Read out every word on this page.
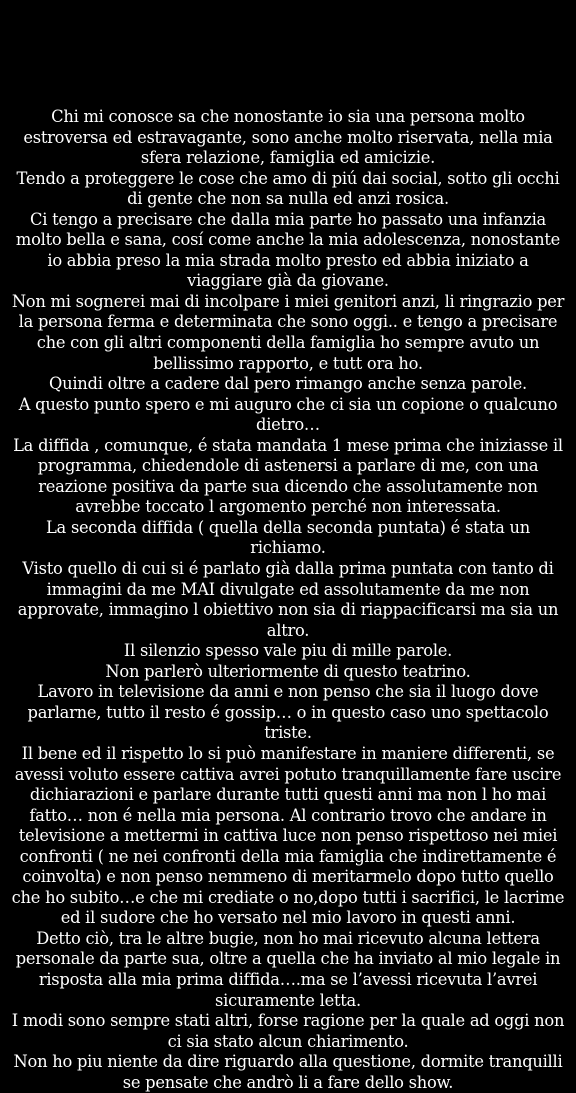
Chi mi conosce sa che nonostante io sia una persona molto estroversa ed estravagante, sono anche molto riservata, nella mia sfera relazione, famiglia ed amicizie.

Tendo a proteggere le cose che amo di piú dai social, sotto gli occhi di gente che non sa nulla ed anzi rosica.

Ci tengo a precisare che dalla mia parte ho passato una infanzia molto bella e sana, cosí come anche la mia adolescenza, nonostante io abbia preso la mia strada molto presto ed abbia iniziato a viaggiare già da giovane.

Non mi sognerei mai di incolpare i miei genitori anzi, li ringrazio per la persona ferma e determinata che sono oggi.. e tengo a precisare che con gli altri componenti della famiglia ho sempre avuto un bellissimo rapporto, e tutt ora ho.

Quindi oltre a cadere dal pero rimango anche senza parole.

A questo punto spero e mi auguro che ci sia un copione o qualcuno dietro…

La diffida , comunque, é stata mandata 1 mese prima che iniziasse il programma, chiedendole di astenersi a parlare di me, con una reazione positiva da parte sua dicendo che assolutamente non avrebbe toccato l argomento perché non interessata.

La seconda diffida ( quella della seconda puntata) é stata un richiamo.

Visto quello di cui si é parlato già dalla prima puntata con tanto di immagini da me MAI divulgate ed assolutamente da me non approvate, immagino l obiettivo non sia di riappacificarsi ma sia un altro.

Il silenzio spesso vale piu di mille parole.

Non parlerò ulteriormente di questo teatrino.

Lavoro in televisione da anni e non penso che sia il luogo dove parlarne, tutto il resto é gossip… o in questo caso uno spettacolo triste.

Il bene ed il rispetto lo si può manifestare in maniere differenti, se avessi voluto essere cattiva avrei potuto tranquillamente fare uscire dichiarazioni e parlare durante tutti questi anni ma non l ho mai fatto… non é nella mia persona. Al contrario trovo che andare in televisione a mettermi in cattiva luce non penso rispettoso nei miei confronti ( ne nei confronti della mia famiglia che indirettamente é coinvolta) e non penso nemmeno di meritarmelo dopo tutto quello che ho subito…e che mi crediate o no,dopo tutti i sacrifici, le lacrime ed il sudore che ho versato nel mio lavoro in questi anni.

Detto ciò, tra le altre bugie, non ho mai ricevuto alcuna lettera personale da parte sua, oltre a quella che ha inviato al mio legale in risposta alla mia prima diffida….ma se l’avessi ricevuta l’avrei sicuramente letta.

I modi sono sempre stati altri, forse ragione per la quale ad oggi non ci sia stato alcun chiarimento.

Non ho piu niente da dire riguardo alla questione, dormite tranquilli se pensate che andrò li a fare dello show.
